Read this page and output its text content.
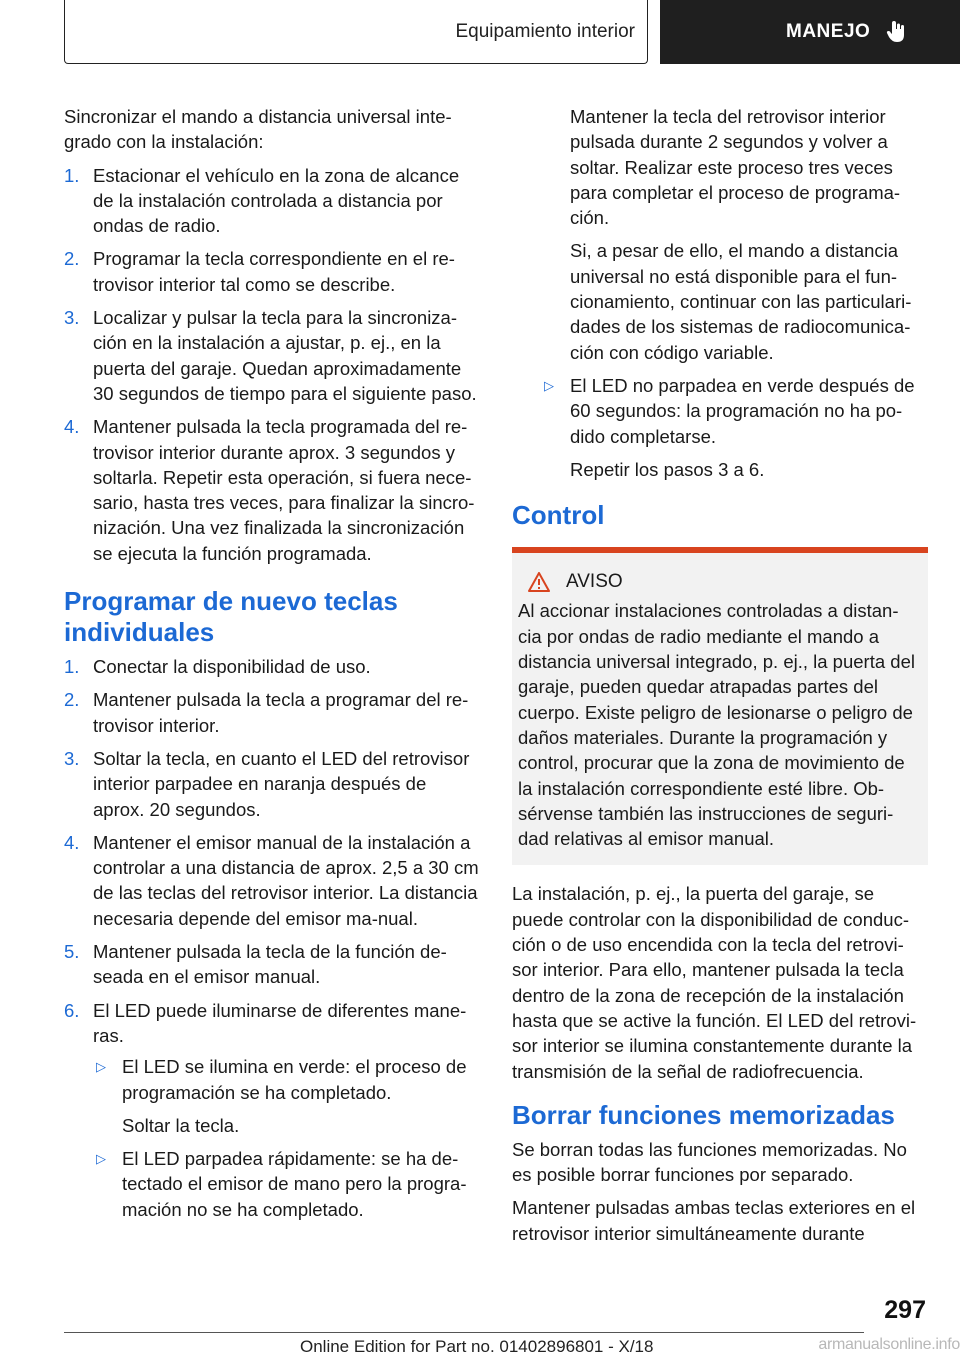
Equipamiento interior	MANEJO

Sincronizar el mando a distancia universal inte-grado con la instalación:

1. Estacionar el vehículo en la zona de alcance de la instalación controlada a distancia por ondas de radio.
2. Programar la tecla correspondiente en el re-trovisor interior tal como se describe.
3. Localizar y pulsar la tecla para la sincroniza-ción en la instalación a ajustar, p. ej., en la puerta del garaje. Quedan aproximadamente 30 segundos de tiempo para el siguiente paso.
4. Mantener pulsada la tecla programada del re-trovisor interior durante aprox. 3 segundos y soltarla. Repetir esta operación, si fuera nece-sario, hasta tres veces, para finalizar la sincro-nización. Una vez finalizada la sincronización se ejecuta la función programada.
Programar de nuevo teclas individuales
1. Conectar la disponibilidad de uso.
2. Mantener pulsada la tecla a programar del re-trovisor interior.
3. Soltar la tecla, en cuanto el LED del retrovisor interior parpadee en naranja después de aprox. 20 segundos.
4. Mantener el emisor manual de la instalación a controlar a una distancia de aprox. 2,5 a 30 cm de las teclas del retrovisor interior. La distancia necesaria depende del emisor ma-nual.
5. Mantener pulsada la tecla de la función de-seada en el emisor manual.
6. El LED puede iluminarse de diferentes mane-ras.
▷ El LED se ilumina en verde: el proceso de programación se ha completado.

Soltar la tecla.

▷ El LED parpadea rápidamente: se ha de-tectado el emisor de mano pero la progra-mación no se ha completado.

Mantener la tecla del retrovisor interior pulsada durante 2 segundos y volver a soltar. Realizar este proceso tres veces para completar el proceso de programa-ción.

Si, a pesar de ello, el mando a distancia universal no está disponible para el fun-cionamiento, continuar con las particulari-dades de los sistemas de radiocomunica-ción con código variable.

▷ El LED no parpadea en verde después de 60 segundos: la programación no ha po-dido completarse.

Repetir los pasos 3 a 6.

Control
AVISO
Al accionar instalaciones controladas a distan-cia por ondas de radio mediante el mando a distancia universal integrado, p. ej., la puerta del garaje, pueden quedar atrapadas partes del cuerpo. Existe peligro de lesionarse o peligro de daños materiales. Durante la programación y control, procurar que la zona de movimiento de la instalación correspondiente esté libre. Ob-sérvense también las instrucciones de seguri-dad relativas al emisor manual.

La instalación, p. ej., la puerta del garaje, se puede controlar con la disponibilidad de conduc-ción o de uso encendida con la tecla del retrovi-sor interior. Para ello, mantener pulsada la tecla dentro de la zona de recepción de la instalación hasta que se active la función. El LED del retrovi-sor interior se ilumina constantemente durante la transmisión de la señal de radiofrecuencia.

Borrar funciones memorizadas

Se borran todas las funciones memorizadas. No es posible borrar funciones por separado.

Mantener pulsadas ambas teclas exteriores en el retrovisor interior simultáneamente durante

297
Online Edition for Part no. 01402896801 - X/18	armanualsonline.info
